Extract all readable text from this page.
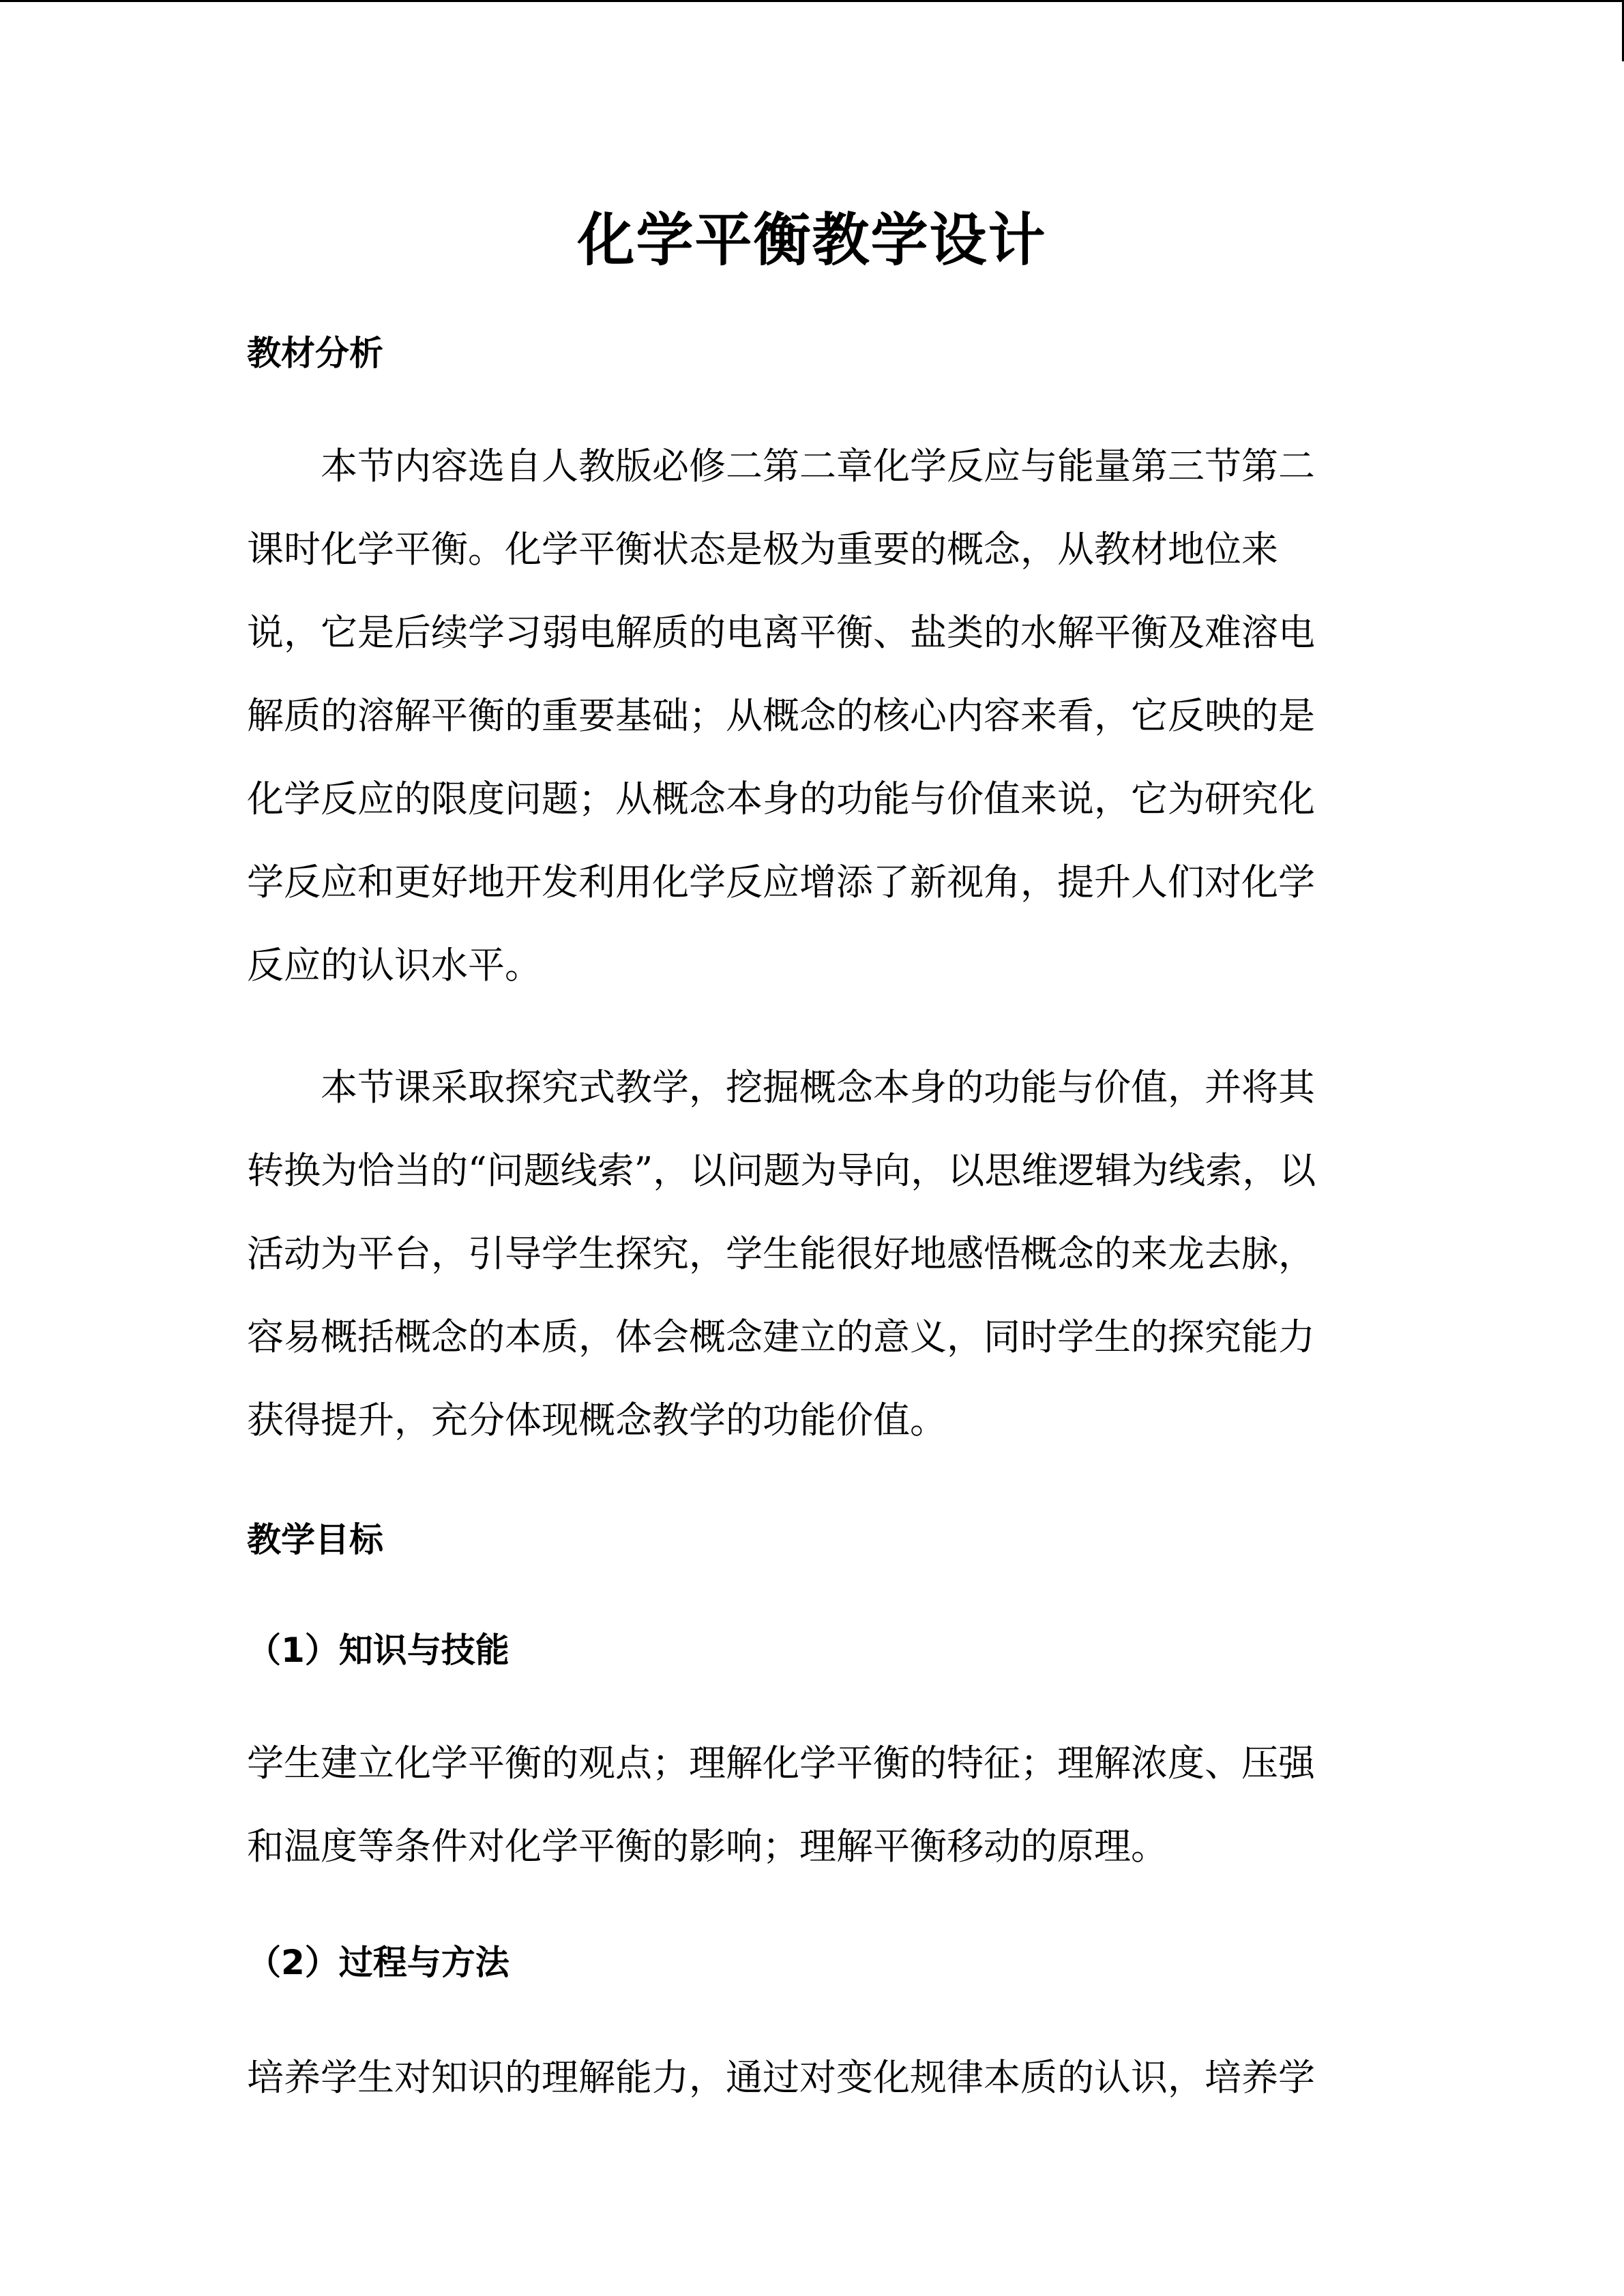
化学平衡教学设计
教材分析
本节内容选自人教版必修二第二章化学反应与能量第三节第二
课时化学平衡。化学平衡状态是极为重要的概念，从教材地位来
说，它是后续学习弱电解质的电离平衡、盐类的水解平衡及难溶电
解质的溶解平衡的重要基础；从概念的核心内容来看，它反映的是
化学反应的限度问题；从概念本身的功能与价值来说，它为研究化
学反应和更好地开发利用化学反应增添了新视角，提升人们对化学
反应的认识水平。
本节课采取探究式教学，挖掘概念本身的功能与价值，并将其
转换为恰当的“问题线索”，以问题为导向，以思维逻辑为线索，以
活动为平台，引导学生探究，学生能很好地感悟概念的来龙去脉，
容易概括概念的本质，体会概念建立的意义，同时学生的探究能力
获得提升，充分体现概念教学的功能价值。
教学目标
（1）知识与技能
学生建立化学平衡的观点；理解化学平衡的特征；理解浓度、压强
和温度等条件对化学平衡的影响；理解平衡移动的原理。
（2）过程与方法
培养学生对知识的理解能力，通过对变化规律本质的认识，培养学
